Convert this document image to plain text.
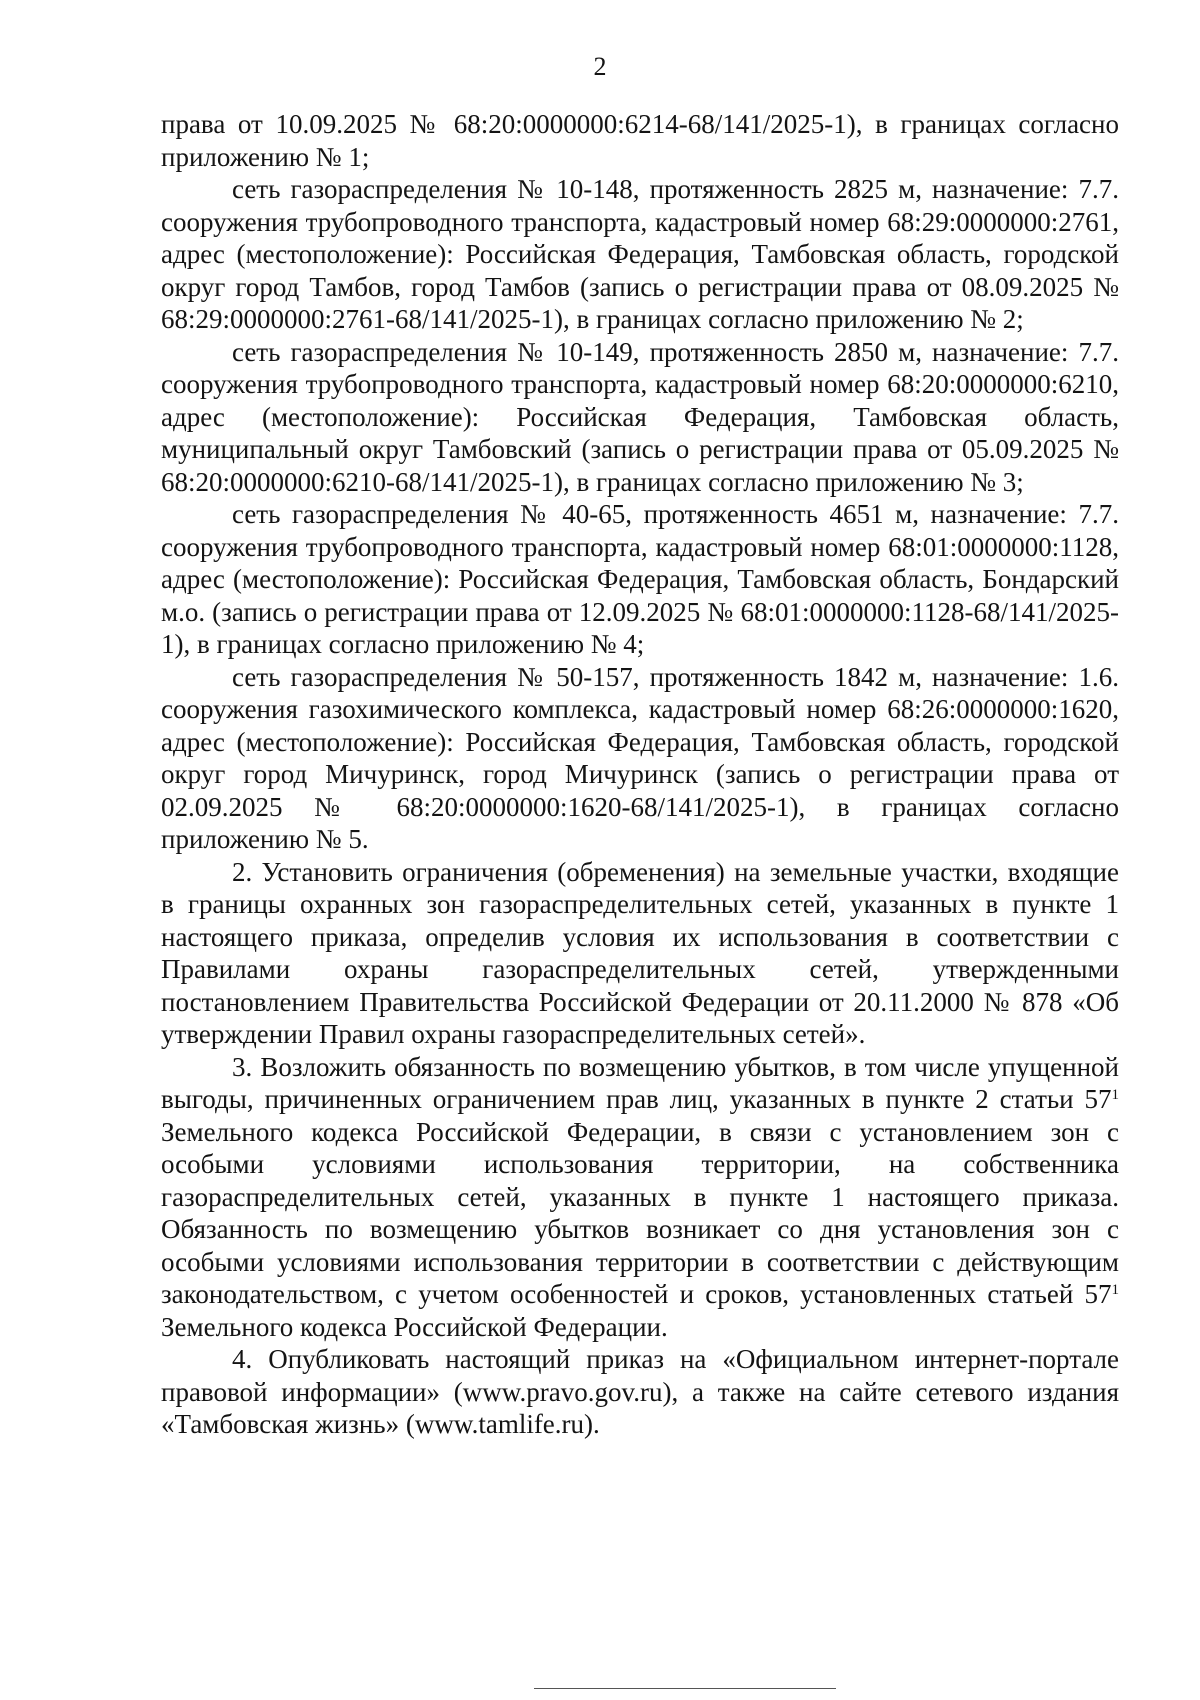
2

права от 10.09.2025 № 68:20:0000000:6214-68/141/2025-1), в границах согласно приложению № 1;

сеть газораспределения № 10-148, протяженность 2825 м, назначение: 7.7. сооружения трубопроводного транспорта, кадастровый номер 68:29:0000000:2761, адрес (местоположение): Российская Федерация, Тамбовская область, городской округ город Тамбов, город Тамбов (запись о регистрации права от 08.09.2025 № 68:29:0000000:2761-68/141/2025-1), в границах согласно приложению № 2;

сеть газораспределения № 10-149, протяженность 2850 м, назначение: 7.7. сооружения трубопроводного транспорта, кадастровый номер 68:20:0000000:6210, адрес (местоположение): Российская Федерация, Тамбовская область, муниципальный округ Тамбовский (запись о регистрации права от 05.09.2025 № 68:20:0000000:6210-68/141/2025-1), в границах согласно приложению № 3;

сеть газораспределения № 40-65, протяженность 4651 м, назначение: 7.7. сооружения трубопроводного транспорта, кадастровый номер 68:01:0000000:1128, адрес (местоположение): Российская Федерация, Тамбовская область, Бондарский м.о. (запись о регистрации права от 12.09.2025 № 68:01:0000000:1128-68/141/2025-1), в границах согласно приложению № 4;

сеть газораспределения № 50-157, протяженность 1842 м, назначение: 1.6. сооружения газохимического комплекса, кадастровый номер 68:26:0000000:1620, адрес (местоположение): Российская Федерация, Тамбовская область, городской округ город Мичуринск, город Мичуринск (запись о регистрации права от 02.09.2025 № 68:20:0000000:1620-68/141/2025-1), в границах согласно приложению № 5.

2. Установить ограничения (обременения) на земельные участки, входящие в границы охранных зон газораспределительных сетей, указанных в пункте 1 настоящего приказа, определив условия их использования в соответствии с Правилами охраны газораспределительных сетей, утвержденными постановлением Правительства Российской Федерации от 20.11.2000 № 878 «Об утверждении Правил охраны газораспределительных сетей».

3. Возложить обязанность по возмещению убытков, в том числе упущенной выгоды, причиненных ограничением прав лиц, указанных в пункте 2 статьи $57^1$ Земельного кодекса Российской Федерации, в связи с установлением зон с особыми условиями использования территории, на собственника газораспределительных сетей, указанных в пункте 1 настоящего приказа. Обязанность по возмещению убытков возникает со дня установления зон с особыми условиями использования территории в соответствии с действующим законодательством, с учетом особенностей и сроков, установленных статьей $57^1$ Земельного кодекса Российской Федерации.

4. Опубликовать настоящий приказ на «Официальном интернет-портале правовой информации» (www.pravo.gov.ru), а также на сайте сетевого издания «Тамбовская жизнь» (www.tamlife.ru).
